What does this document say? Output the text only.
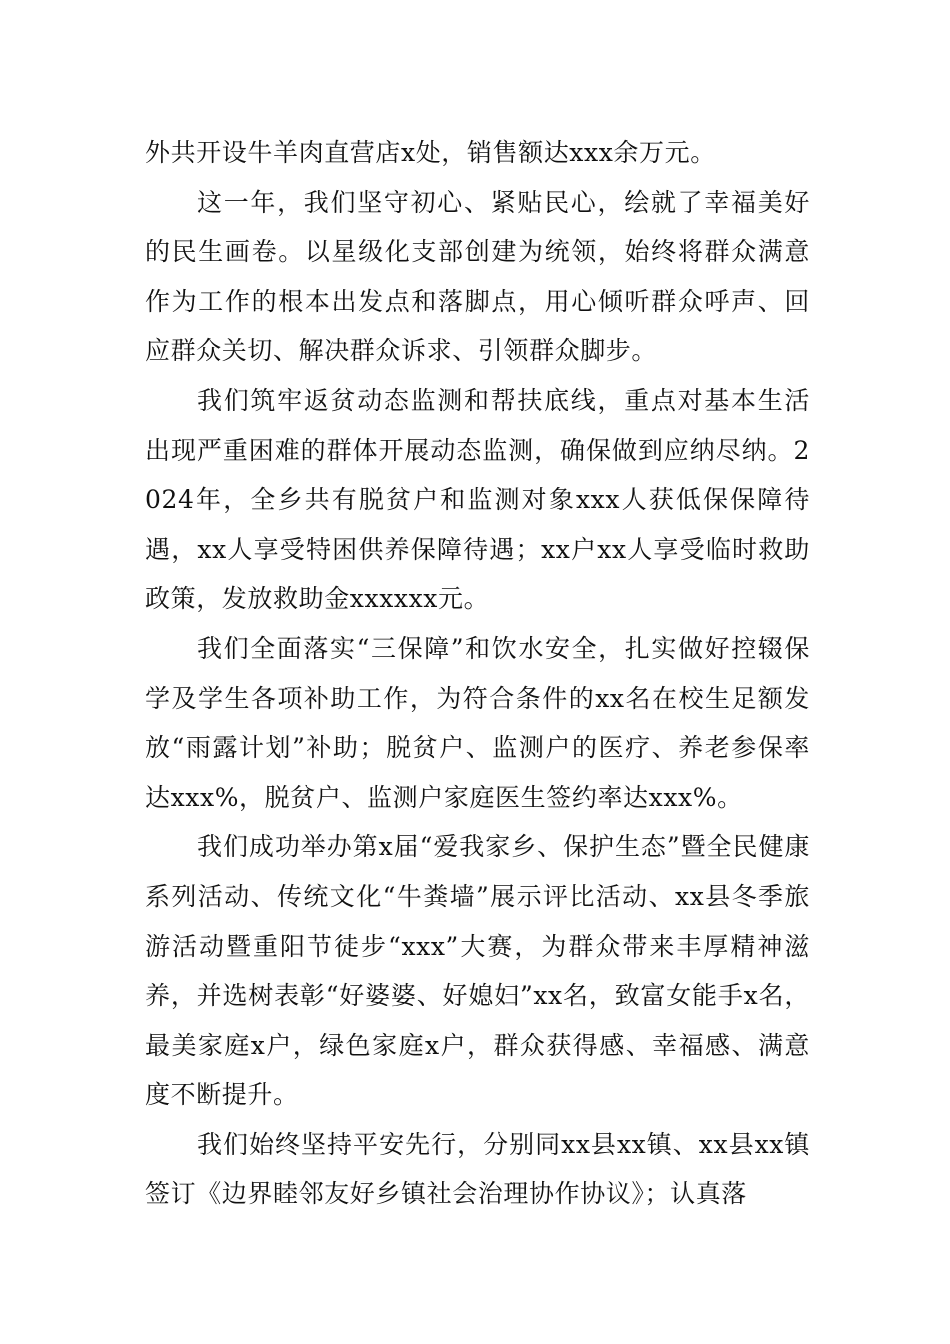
外共开设牛羊肉直营店x处，销售额达xxx余万元。

这一年，我们坚守初心、紧贴民心，绘就了幸福美好的民生画卷。以星级化支部创建为统领，始终将群众满意作为工作的根本出发点和落脚点，用心倾听群众呼声、回应群众关切、解决群众诉求、引领群众脚步。

我们筑牢返贫动态监测和帮扶底线，重点对基本生活出现严重困难的群体开展动态监测，确保做到应纳尽纳。2024年，全乡共有脱贫户和监测对象xxx人获低保保障待遇，xx人享受特困供养保障待遇；xx户xx人享受临时救助政策，发放救助金xxxxxx元。

我们全面落实“三保障”和饮水安全，扎实做好控辍保学及学生各项补助工作，为符合条件的xx名在校生足额发放“雨露计划”补助；脱贫户、监测户的医疗、养老参保率达xxx%，脱贫户、监测户家庭医生签约率达xxx%。

我们成功举办第x届“爱我家乡、保护生态”暨全民健康系列活动、传统文化“牛粪墙”展示评比活动、xx县冬季旅游活动暨重阳节徒步“xxx”大赛，为群众带来丰厚精神滋养，并选树表彰“好婆婆、好媳妇”xx名，致富女能手x名，最美家庭x户，绿色家庭x户，群众获得感、幸福感、满意度不断提升。

我们始终坚持平安先行，分别同xx县xx镇、xx县xx镇签订《边界睦邻友好乡镇社会治理协作协议》；认真落
